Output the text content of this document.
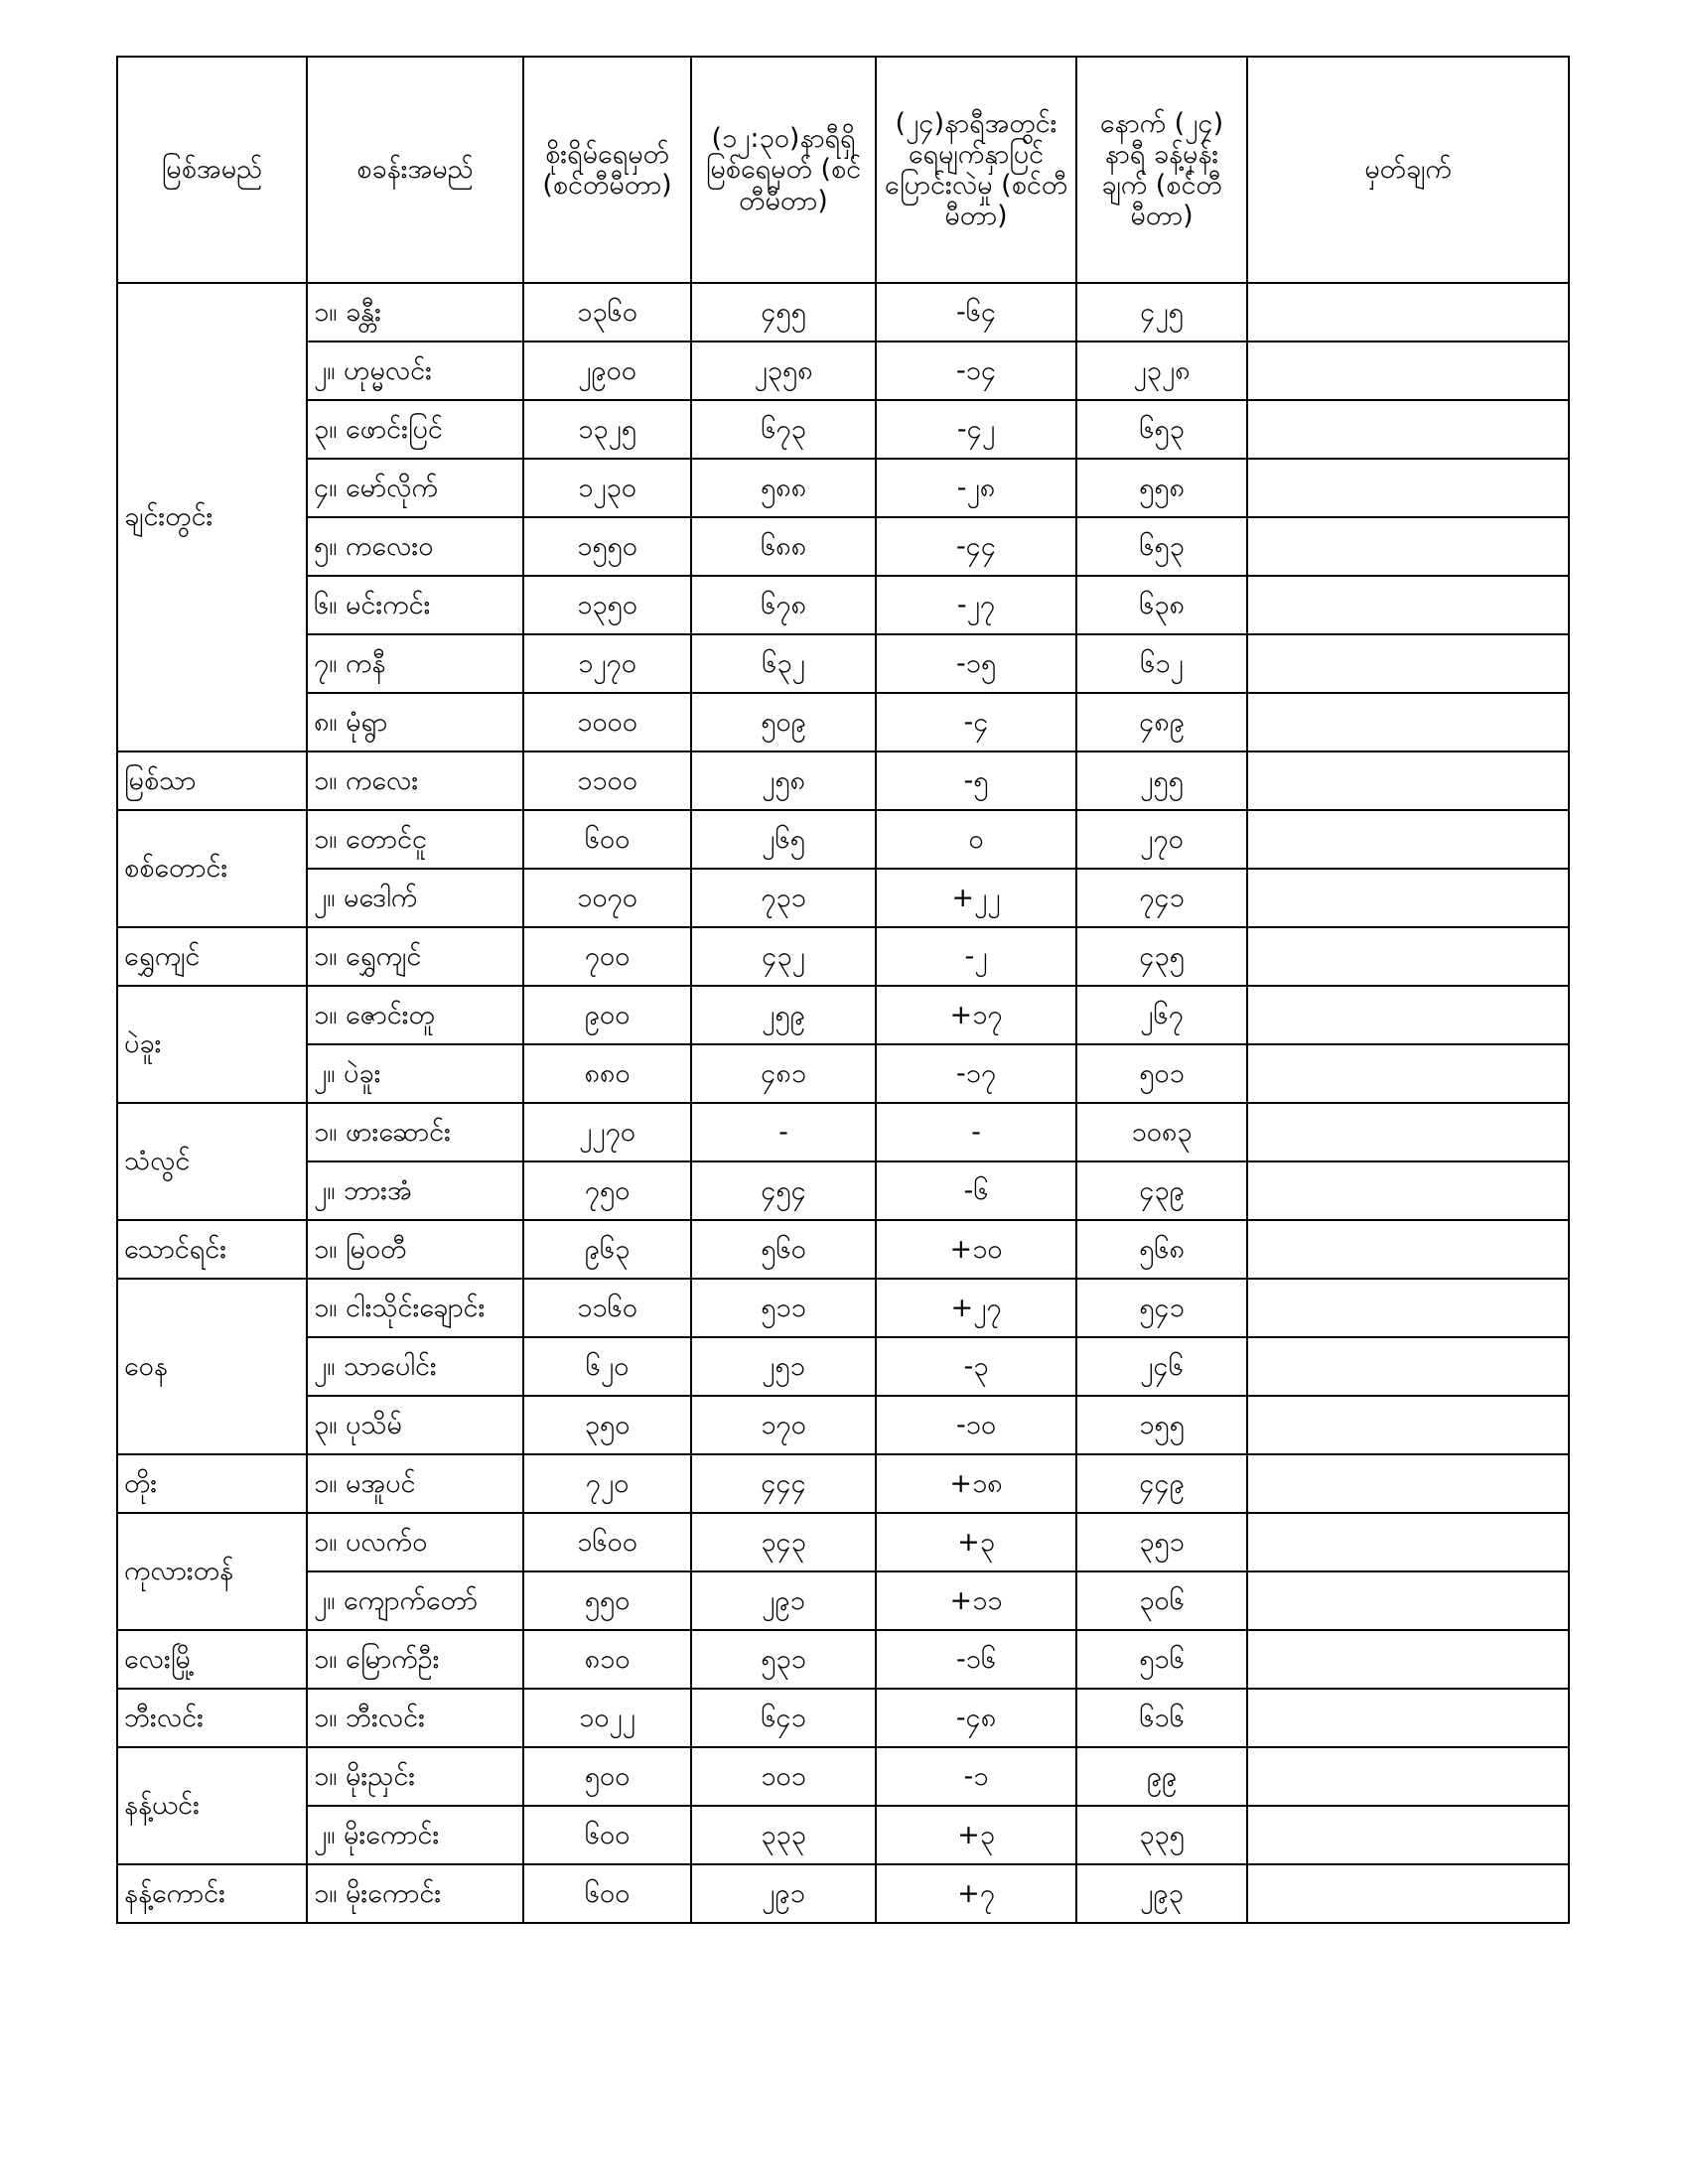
မြစ်အမည်	စခန်းအမည်	စိုးရိမ်ရေမှတ် (စင်တီမီတာ)	(၁၂:၃၀)နာရီရှိ မြစ်ရေမှတ် (စင်တီမီတာ)	(၂၄)နာရီအတွင်း ရေမျက်နှာပြင် ပြောင်းလဲမှု (စင်တီမီတာ)	နောက် (၂၄) နာရီ ခန့်မှန်းချက် (စင်တီမီတာ)	မှတ်ချက်
ချင်းတွင်း	၁။ ခန္တီး	၁၃၆၀	၄၅၅	-၆၄	၄၂၅	
	၂။ ဟုမ္မလင်း	၂၉၀၀	၂၃၅၈	-၁၄	၂၃၂၈	
	၃။ ဖောင်းပြင်	၁၃၂၅	၆၇၃	-၄၂	၆၅၃	
	၄။ မော်လိုက်	၁၂၃၀	၅၈၈	-၂၈	၅၅၈	
	၅။ ကလေးဝ	၁၅၅၀	၆၈၈	-၄၄	၆၅၃	
	၆။ မင်းကင်း	၁၃၅၀	၆၇၈	-၂၇	၆၃၈	
	၇။ ကနီ	၁၂၇၀	၆၃၂	-၁၅	၆၁၂	
	၈။ မုံရွာ	၁၀၀၀	၅၀၉	-၄	၄၈၉	
မြစ်သာ	၁။ ကလေး	၁၁၀၀	၂၅၈	-၅	၂၅၅	
စစ်တောင်း	၁။ တောင်ငူ	၆၀၀	၂၆၅	၀	၂၇၀	
	၂။ မဒေါက်	၁၀၇၀	၇၃၁	+၂၂	၇၄၁	
ရွှေကျင်	၁။ ရွှေကျင်	၇၀၀	၄၃၂	-၂	၄၃၅	
ပဲခူး	၁။ ဇောင်းတူ	၉၀၀	၂၅၉	+၁၇	၂၆၇	
	၂။ ပဲခူး	၈၈၀	၄၈၁	-၁၇	၅၀၁	
သံလွင်	၁။ ဖားဆောင်း	၂၂၇၀	-	-	၁၀၈၃	
	၂။ ဘားအံ	၇၅၀	၄၅၄	-၆	၄၃၉	
သောင်ရင်း	၁။ မြဝတီ	၉၆၃	၅၆၀	+၁၀	၅၆၈	
ဝေန	၁။ ငါးသိုင်းချောင်း	၁၁၆၀	၅၁၁	+၂၇	၅၄၁	
	၂။ သာပေါင်း	၆၂၀	၂၅၁	-၃	၂၄၆	
	၃။ ပုသိမ်	၃၅၀	၁၇၀	-၁၀	၁၅၅	
တိုး	၁။ မအူပင်	၇၂၀	၄၄၄	+၁၈	၄၄၉	
ကုလားတန်	၁။ ပလက်ဝ	၁၆၀၀	၃၄၃	+၃	၃၅၁	
	၂။ ကျောက်တော်	၅၅၀	၂၉၁	+၁၁	၃၀၆	
လေးမြို့	၁။ မြောက်ဦး	၈၁၀	၅၃၁	-၁၆	၅၁၆	
ဘီးလင်း	၁။ ဘီးလင်း	၁၀၂၂	၆၄၁	-၄၈	၆၁၆	
နန့်ယင်း	၁။ မိုးညှင်း	၅၀၀	၁၀၁	-၁	၉၉	
	၂။ မိုးကောင်း	၆၀၀	၃၃၃	+၃	၃၃၅	
နန့်ကောင်း	၁။ မိုးကောင်း	၆၀၀	၂၉၁	+၇	၂၉၃	
